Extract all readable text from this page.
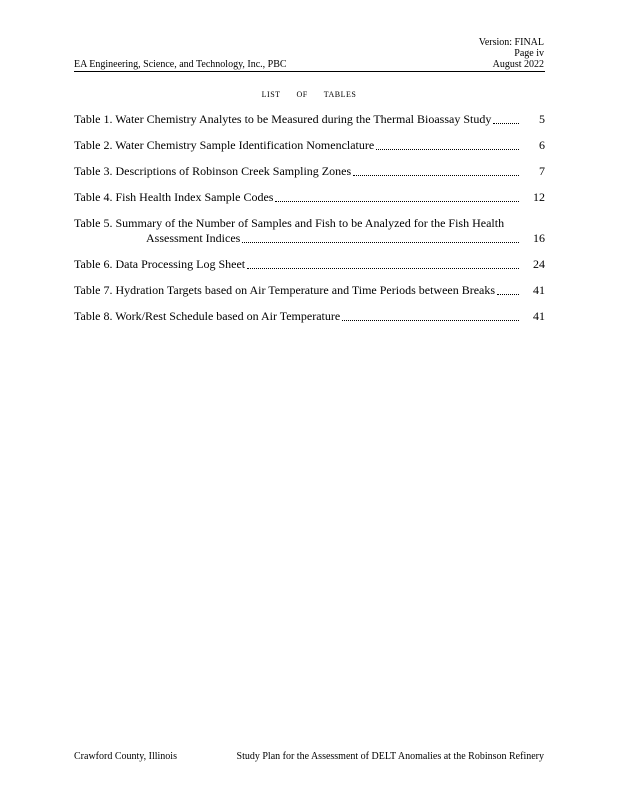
Version: FINAL
Page iv
August 2022
EA Engineering, Science, and Technology, Inc., PBC
LIST OF TABLES
Table 1. Water Chemistry Analytes to be Measured during the Thermal Bioassay Study	5
Table 2. Water Chemistry Sample Identification Nomenclature	6
Table 3. Descriptions of Robinson Creek Sampling Zones	7
Table 4. Fish Health Index Sample Codes	12
Table 5. Summary of the Number of Samples and Fish to be Analyzed for the Fish Health
Assessment Indices	16
Table 6. Data Processing Log Sheet	24
Table 7. Hydration Targets based on Air Temperature and Time Periods between Breaks	41
Table 8. Work/Rest Schedule based on Air Temperature	41
Crawford County, Illinois	Study Plan for the Assessment of DELT Anomalies at the Robinson Refinery
